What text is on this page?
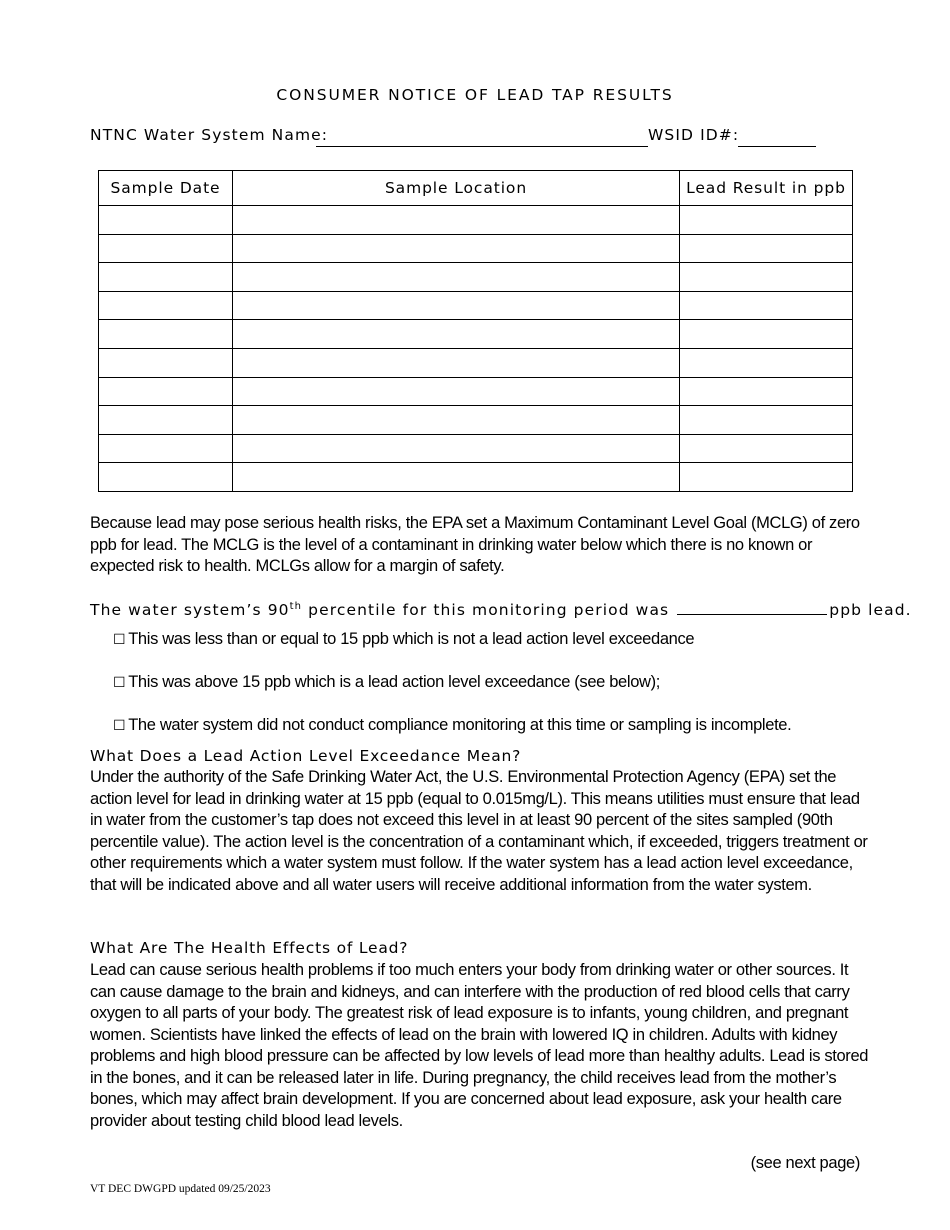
CONSUMER NOTICE OF LEAD TAP RESULTS
NTNC Water System Name:	WSID ID#:
Sample Date	Sample Location	Lead Result in ppb

Because lead may pose serious health risks, the EPA set a Maximum Contaminant Level Goal (MCLG) of zero ppb for lead. The MCLG is the level of a contaminant in drinking water below which there is no known or expected risk to health. MCLGs allow for a margin of safety.
The water system’s 90th percentile for this monitoring period was	ppb lead.
☐ This was less than or equal to 15 ppb which is not a lead action level exceedance
☐ This was above 15 ppb which is a lead action level exceedance (see below);
☐ The water system did not conduct compliance monitoring at this time or sampling is incomplete.
What Does a Lead Action Level Exceedance Mean?
Under the authority of the Safe Drinking Water Act, the U.S. Environmental Protection Agency (EPA) set the action level for lead in drinking water at 15 ppb (equal to 0.015mg/L). This means utilities must ensure that lead in water from the customer’s tap does not exceed this level in at least 90 percent of the sites sampled (90th percentile value). The action level is the concentration of a contaminant which, if exceeded, triggers treatment or other requirements which a water system must follow. If the water system has a lead action level exceedance, that will be indicated above and all water users will receive additional information from the water system.
What Are The Health Effects of Lead?
Lead can cause serious health problems if too much enters your body from drinking water or other sources. It can cause damage to the brain and kidneys, and can interfere with the production of red blood cells that carry oxygen to all parts of your body. The greatest risk of lead exposure is to infants, young children, and pregnant women. Scientists have linked the effects of lead on the brain with lowered IQ in children. Adults with kidney problems and high blood pressure can be affected by low levels of lead more than healthy adults. Lead is stored in the bones, and it can be released later in life. During pregnancy, the child receives lead from the mother’s bones, which may affect brain development. If you are concerned about lead exposure, ask your health care provider about testing child blood lead levels.
(see next page)
VT DEC DWGPD updated 09/25/2023
